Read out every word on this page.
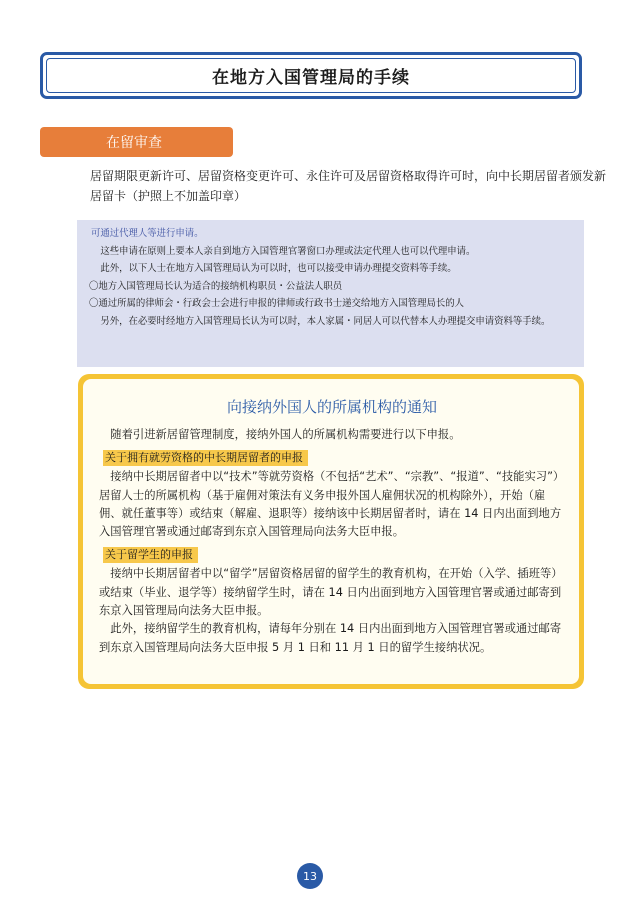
在地方入国管理局的手续
在留审查

居留期限更新许可、居留资格变更许可、永住许可及居留资格取得许可时，向中长期居留者颁发新居留卡（护照上不加盖印章）

可通过代理人等进行申请。

这些申请在原则上要本人亲自到地方入国管理官署窗口办理或法定代理人也可以代理申请。

此外，以下人士在地方入国管理局认为可以时，也可以接受申请办理提交资料等手续。

〇地方入国管理局长认为适合的接纳机构职员・公益法人职员

〇通过所属的律师会・行政会士会进行申报的律师或行政书士递交给地方入国管理局长的人

另外，在必要时经地方入国管理局长认为可以时，本人家属・同居人可以代替本人办理提交申请资料等手续。

向接纳外国人的所属机构的通知

随着引进新居留管理制度，接纳外国人的所属机构需要进行以下申报。

关于拥有就劳资格的中长期居留者的申报

接纳中长期居留者中以“技术”等就劳资格（不包括“艺术”、“宗教”、“报道”、“技能实习”）居留人士的所属机构（基于雇佣对策法有义务申报外国人雇佣状况的机构除外），开始（雇佣、就任董事等）或结束（解雇、退职等）接纳该中长期居留者时，请在 14 日内出面到地方入国管理官署或通过邮寄到东京入国管理局向法务大臣申报。

关于留学生的申报

接纳中长期居留者中以“留学”居留资格居留的留学生的教育机构，在开始（入学、插班等）或结束（毕业、退学等）接纳留学生时，请在 14 日内出面到地方入国管理官署或通过邮寄到东京入国管理局向法务大臣申报。

此外，接纳留学生的教育机构，请每年分别在 14 日内出面到地方入国管理官署或通过邮寄到东京入国管理局向法务大臣申报 5 月 1 日和 11 月 1 日的留学生接纳状况。

13
